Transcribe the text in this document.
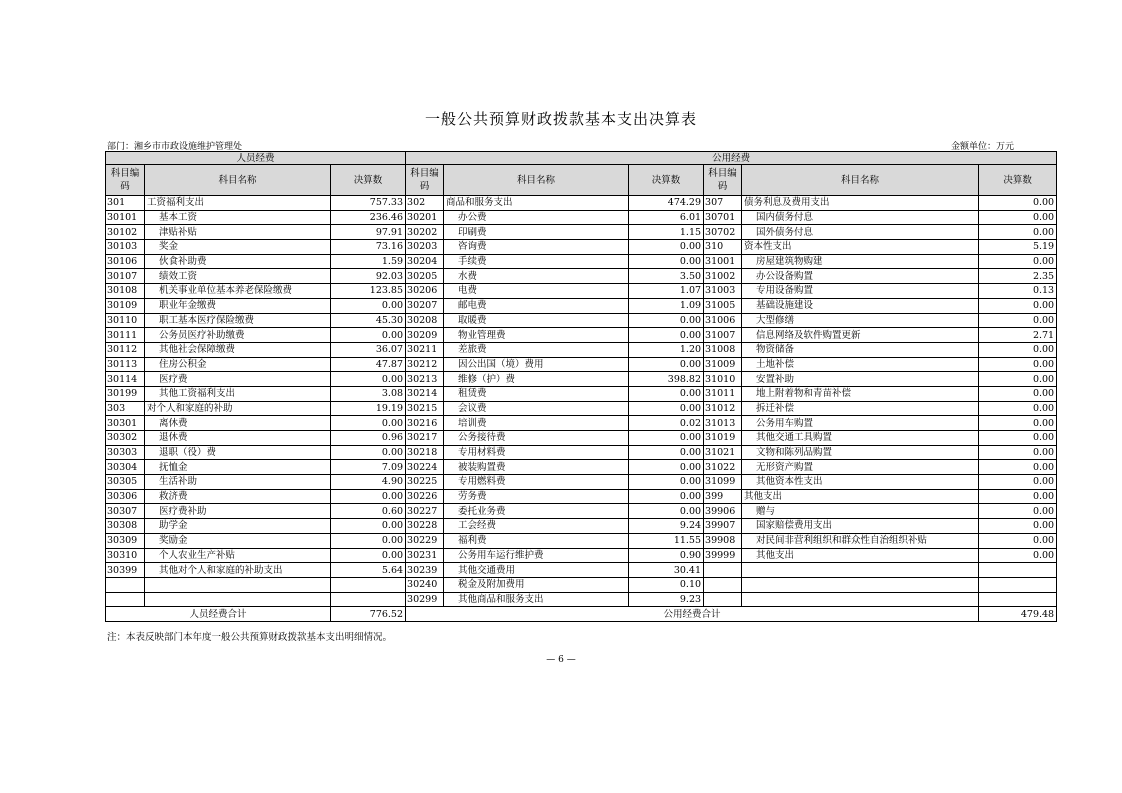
一般公共预算财政拨款基本支出决算表
部门：湘乡市市政设施维护管理处	金额单位：万元
人员经费			公用经费					
科目编码	科目名称	决算数	科目编码	科目名称	决算数	科目编码	科目名称	决算数
301	工资福利支出	757.33	302	商品和服务支出	474.29	307	债务利息及费用支出	0.00
30101	基本工资	236.46	30201	办公费	6.01	30701	国内债务付息	0.00
30102	津贴补贴	97.91	30202	印刷费	1.15	30702	国外债务付息	0.00
30103	奖金	73.16	30203	咨询费	0.00	310	资本性支出	5.19
30106	伙食补助费	1.59	30204	手续费	0.00	31001	房屋建筑物购建	0.00
30107	绩效工资	92.03	30205	水费	3.50	31002	办公设备购置	2.35
30108	机关事业单位基本养老保险缴费	123.85	30206	电费	1.07	31003	专用设备购置	0.13
30109	职业年金缴费	0.00	30207	邮电费	1.09	31005	基础设施建设	0.00
30110	职工基本医疗保险缴费	45.30	30208	取暖费	0.00	31006	大型修缮	0.00
30111	公务员医疗补助缴费	0.00	30209	物业管理费	0.00	31007	信息网络及软件购置更新	2.71
30112	其他社会保障缴费	36.07	30211	差旅费	1.20	31008	物资储备	0.00
30113	住房公积金	47.87	30212	因公出国（境）费用	0.00	31009	土地补偿	0.00
30114	医疗费	0.00	30213	维修（护）费	398.82	31010	安置补助	0.00
30199	其他工资福利支出	3.08	30214	租赁费	0.00	31011	地上附着物和青苗补偿	0.00
303	对个人和家庭的补助	19.19	30215	会议费	0.00	31012	拆迁补偿	0.00
30301	离休费	0.00	30216	培训费	0.02	31013	公务用车购置	0.00
30302	退休费	0.96	30217	公务接待费	0.00	31019	其他交通工具购置	0.00
30303	退职（役）费	0.00	30218	专用材料费	0.00	31021	文物和陈列品购置	0.00
30304	抚恤金	7.09	30224	被装购置费	0.00	31022	无形资产购置	0.00
30305	生活补助	4.90	30225	专用燃料费	0.00	31099	其他资本性支出	0.00
30306	救济费	0.00	30226	劳务费	0.00	399	其他支出	0.00
30307	医疗费补助	0.60	30227	委托业务费	0.00	39906	赠与	0.00
30308	助学金	0.00	30228	工会经费	9.24	39907	国家赔偿费用支出	0.00
30309	奖励金	0.00	30229	福利费	11.55	39908	对民间非营利组织和群众性自治组织补贴	0.00
30310	个人农业生产补贴	0.00	30231	公务用车运行维护费	0.90	39999	其他支出	0.00
30399	其他对个人和家庭的补助支出	5.64	30239	其他交通费用	30.41			
			30240	税金及附加费用	0.10			
			30299	其他商品和服务支出	9.23			
人员经费合计		776.52	公用经费合计					479.48
注：本表反映部门本年度一般公共预算财政拨款基本支出明细情况。
— 6 —
